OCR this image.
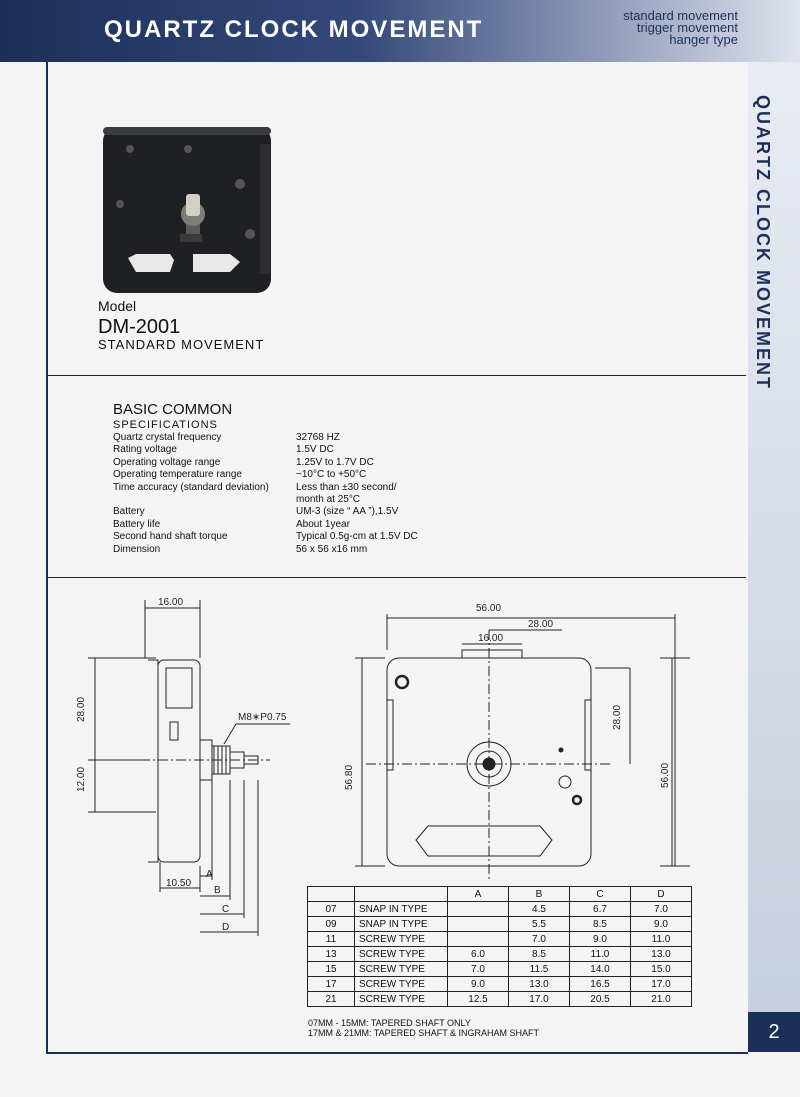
QUARTZ CLOCK MOVEMENT
standard movement
trigger movement
hanger type
QUARTZ CLOCK MOVEMENT
2
Model
DM-2001
STANDARD MOVEMENT
BASIC COMMON
SPECIFICATIONS
Quartz crystal frequency	32768 HZ
Rating voltage	1.5V DC
Operating voltage range	1.25V to 1.7V DC
Operating temperature range	−10°C to +50°C
Time accuracy (standard deviation)	Less than ±30 second/
month at 25°C
Battery	UM-3 (size “ AA ”),1.5V
Battery life	About 1year
Second hand shaft torque	Typical 0.5g-cm at 1.5V DC
Dimension	56 x 56 x16 mm
16.00
28.00
12.00
M8∗P0.75
10.50
A
B
C
D
56.00
28.00
16.00
56.80
28.00
56.00
		A	B	C	D
07	SNAP IN TYPE		4.5	6.7	7.0
09	SNAP IN TYPE		5.5	8.5	9.0
11	SCREW TYPE		7.0	9.0	11.0
13	SCREW TYPE	6.0	8.5	11.0	13.0
15	SCREW TYPE	7.0	11.5	14.0	15.0
17	SCREW TYPE	9.0	13.0	16.5	17.0
21	SCREW TYPE	12.5	17.0	20.5	21.0
07MM - 15MM: TAPERED SHAFT ONLY
17MM & 21MM: TAPERED SHAFT & INGRAHAM SHAFT
